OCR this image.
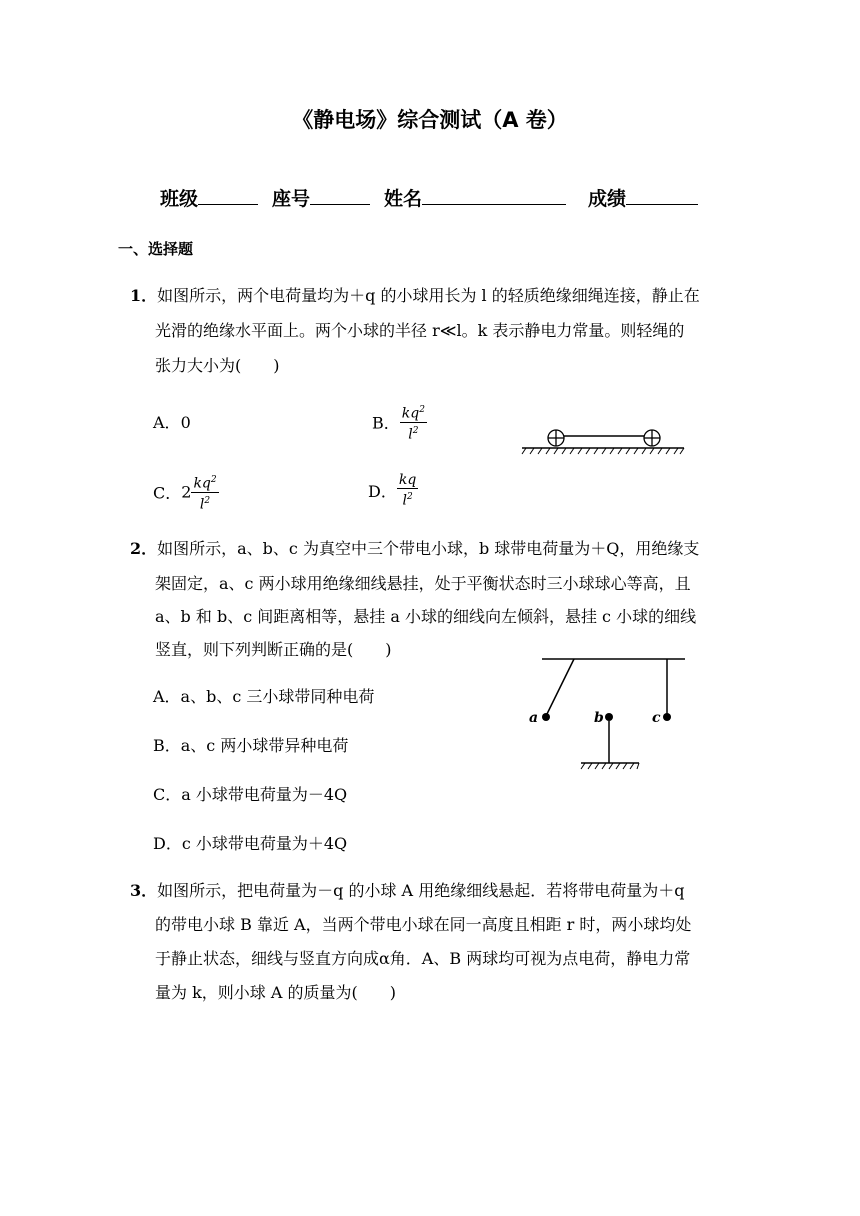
《静电场》综合测试（A 卷）
班级	座号	姓名	成绩
一、选择题
1．如图所示，两个电荷量均为＋q 的小球用长为 l 的轻质绝缘细绳连接，静止在
光滑的绝缘水平面上。两个小球的半径 r≪l。k 表示静电力常量。则轻绳的
张力大小为(　　)
A．0	B． $\frac{kq^2}{l^2}$
C．$2 \frac{kq^2}{l^2}$	D． $\frac{kq}{l^2}$
2．如图所示，a、b、c 为真空中三个带电小球，b 球带电荷量为＋Q，用绝缘支
架固定，a、c 两小球用绝缘细线悬挂，处于平衡状态时三小球球心等高，且
a、b 和 b、c 间距离相等，悬挂 a 小球的细线向左倾斜，悬挂 c 小球的细线
竖直，则下列判断正确的是(　　)
A．a、b、c 三小球带同种电荷
B．a、c 两小球带异种电荷
C．a 小球带电荷量为－4Q
D．c 小球带电荷量为＋4Q
a	b	c
3．如图所示，把电荷量为－q 的小球 A 用绝缘细线悬起．若将带电荷量为＋q
的带电小球 B 靠近 A，当两个带电小球在同一高度且相距 r 时，两小球均处
于静止状态，细线与竖直方向成α角．A、B 两球均可视为点电荷，静电力常
量为 k，则小球 A 的质量为(　　)
